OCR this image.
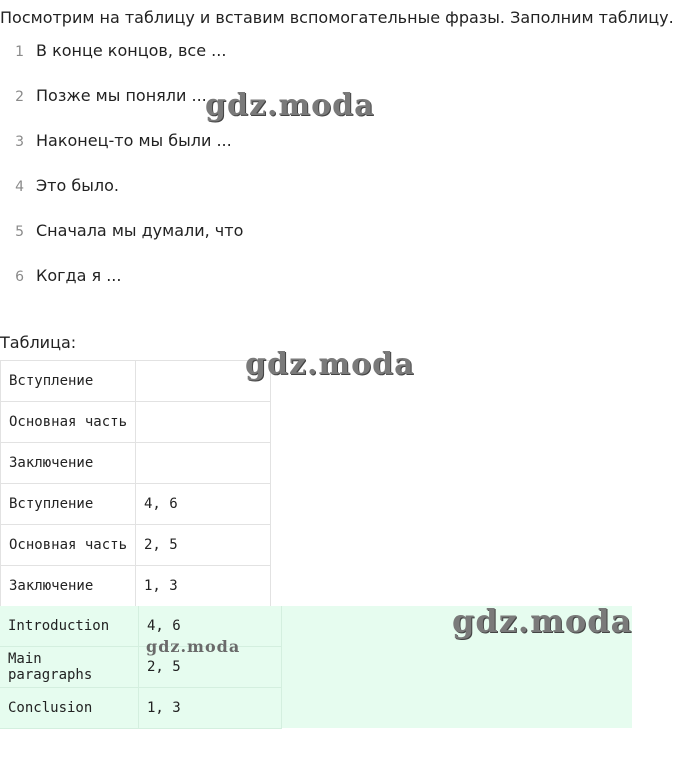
Посмотрим на таблицу и вставим вспомогательные фразы. Заполним таблицу.
1 В конце концов, все ...
2 Позже мы поняли ...
3 Наконец-то мы были ...
4 Это было.
5 Сначала мы думали, что
6 Когда я ...
Таблица:
Вступление	
Основная часть	
Заключение	
Вступление	4, 6
Основная часть	2, 5
Заключение	1, 3
Introduction	4, 6
Main paragraphs	2, 5
Conclusion	1, 3
gdz.moda
gdz.moda
gdz.moda
gdz.moda
